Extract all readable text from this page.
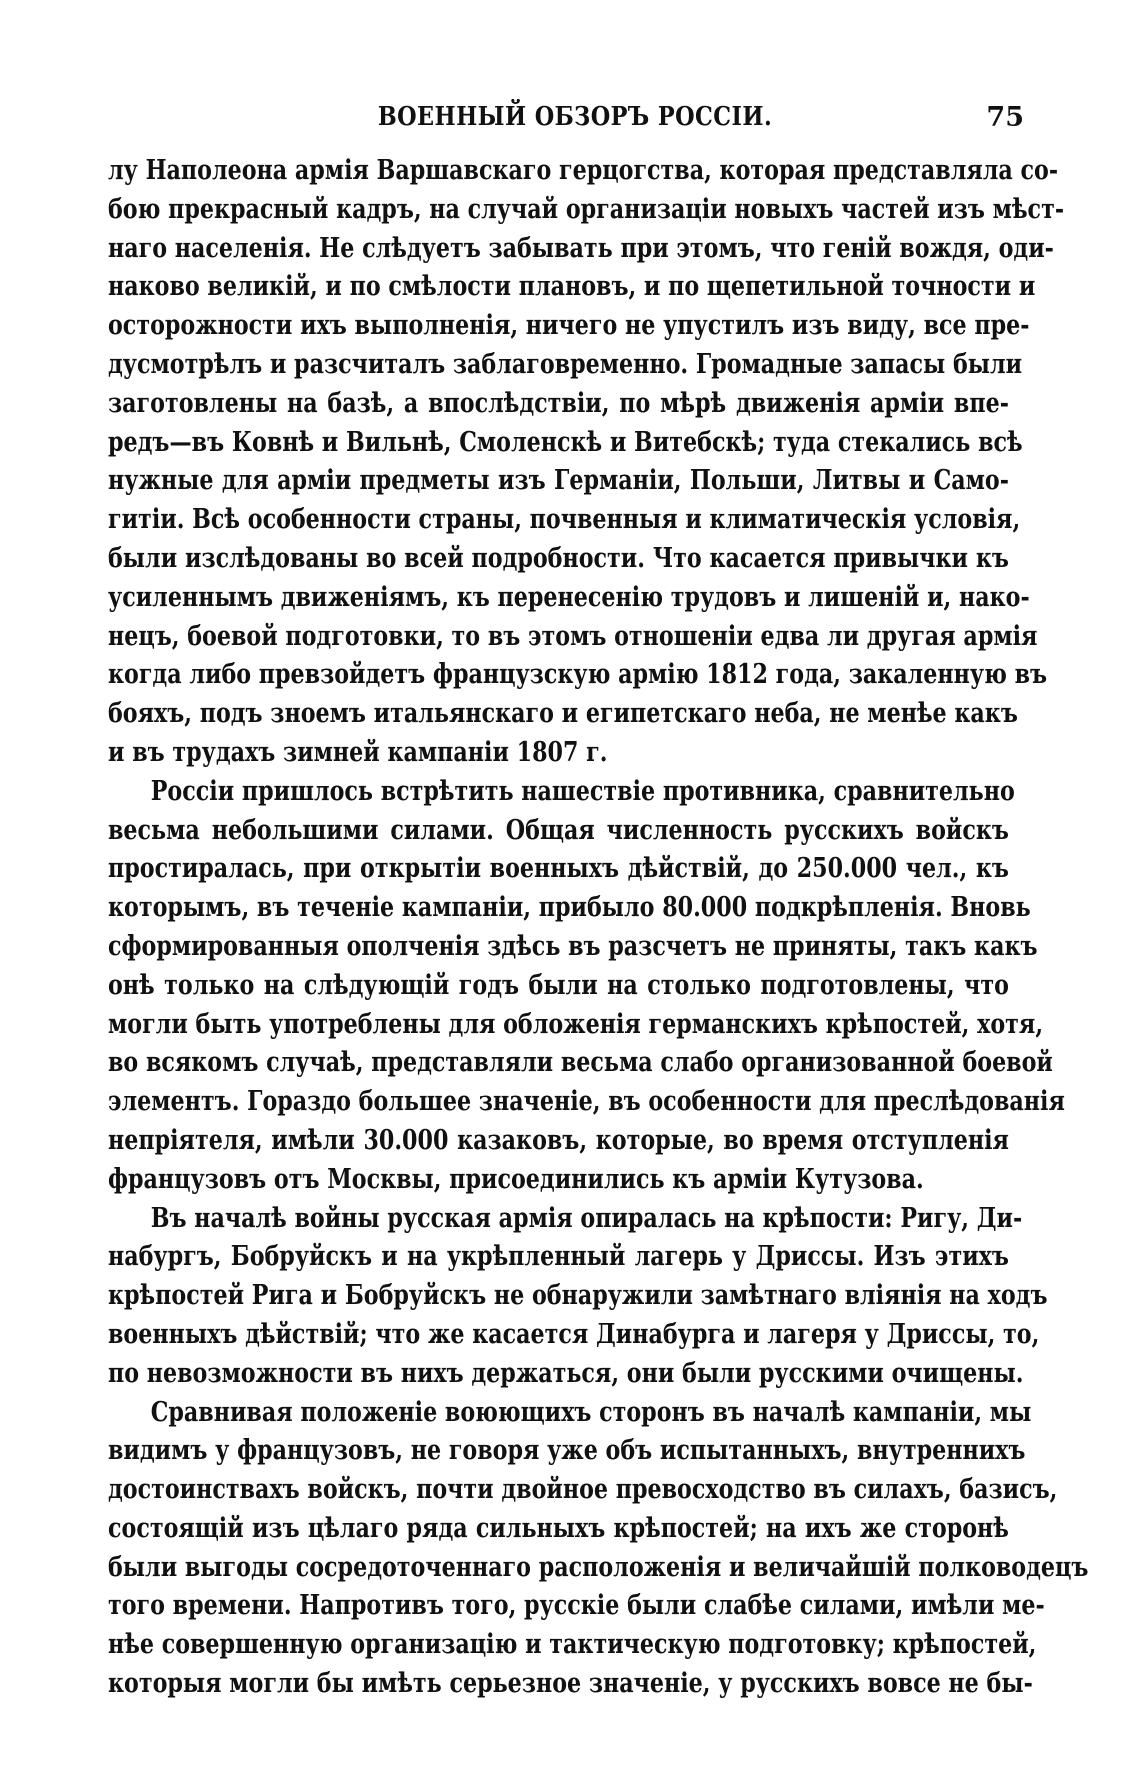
ВОЕННЫЙ ОБЗОРЪ РОССІИ.	75
лу Наполеона армія Варшавскаго герцогства, которая представляла со-
бою прекрасный кадръ, на случай организаціи новыхъ частей изъ мѣст-
наго населенія. Не слѣдуетъ забывать при этомъ, что геній вождя, оди-
наково великій, и по смѣлости плановъ, и по щепетильной точности и
осторожности ихъ выполненія, ничего не упустилъ изъ виду, все пре-
дусмотрѣлъ и разсчиталъ заблаговременно. Громадные запасы были
заготовлены на базѣ, а впослѣдствіи, по мѣрѣ движенія арміи впе-
редъ—въ Ковнѣ и Вильнѣ, Смоленскѣ и Витебскѣ; туда стекались всѣ
нужные для арміи предметы изъ Германіи, Польши, Литвы и Само-
гитіи. Всѣ особенности страны, почвенныя и климатическія условія,
были изслѣдованы во всей подробности. Что касается привычки къ
усиленнымъ движеніямъ, къ перенесенію трудовъ и лишеній и, нако-
нецъ, боевой подготовки, то въ этомъ отношеніи едва ли другая армія
когда либо превзойдетъ французскую армію 1812 года, закаленную въ
бояхъ, подъ зноемъ итальянскаго и египетскаго неба, не менѣе какъ
и въ трудахъ зимней кампаніи 1807 г.
Россіи пришлось встрѣтить нашествіе противника, сравнительно
весьма небольшими силами. Общая численность русскихъ войскъ
простиралась, при открытіи военныхъ дѣйствій, до 250.000 чел., къ
которымъ, въ теченіе кампаніи, прибыло 80.000 подкрѣпленія. Вновь
сформированныя ополченія здѣсь въ разсчетъ не приняты, такъ какъ
онѣ только на слѣдующій годъ были на столько подготовлены, что
могли быть употреблены для обложенія германскихъ крѣпостей, хотя,
во всякомъ случаѣ, представляли весьма слабо организованной боевой
элементъ. Гораздо большее значеніе, въ особенности для преслѣдованія
непріятеля, имѣли 30.000 казаковъ, которые, во время отступленія
французовъ отъ Москвы, присоединились къ арміи Кутузова.
Въ началѣ войны русская армія опиралась на крѣпости: Ригу, Ди-
набургъ, Бобруйскъ и на укрѣпленный лагерь у Дриссы. Изъ этихъ
крѣпостей Рига и Бобруйскъ не обнаружили замѣтнаго вліянія на ходъ
военныхъ дѣйствій; что же касается Динабурга и лагеря у Дриссы, то,
по невозможности въ нихъ держаться, они были русскими очищены.
Сравнивая положеніе воюющихъ сторонъ въ началѣ кампаніи, мы
видимъ у французовъ, не говоря уже объ испытанныхъ, внутреннихъ
достоинствахъ войскъ, почти двойное превосходство въ силахъ, базисъ,
состоящій изъ цѣлаго ряда сильныхъ крѣпостей; на ихъ же сторонѣ
были выгоды сосредоточеннаго расположенія и величайшій полководецъ
того времени. Напротивъ того, русскіе были слабѣе силами, имѣли ме-
нѣе совершенную организацію и тактическую подготовку; крѣпостей,
которыя могли бы имѣть серьезное значеніе, у русскихъ вовсе не бы-
